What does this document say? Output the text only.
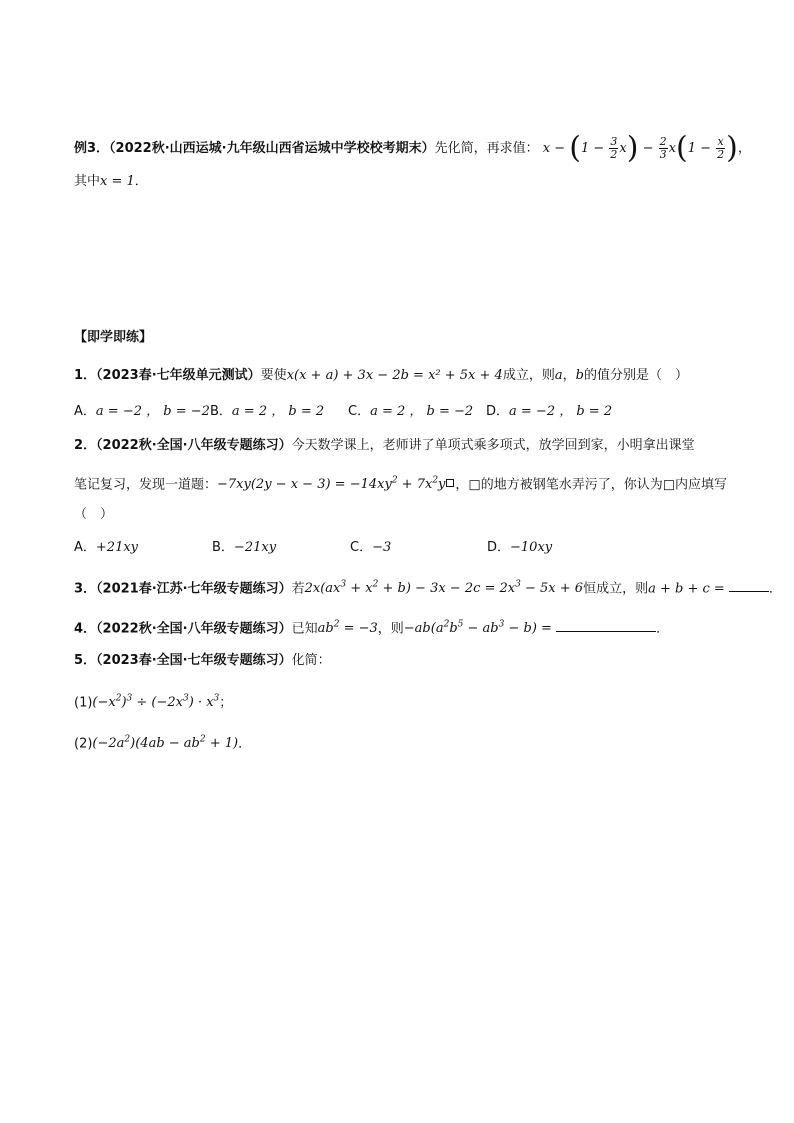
例3．（2022秋·山西运城·九年级山西省运城中学校校考期末）先化简，再求值： $x - (1 - \frac{3}{2} x) - \frac{2}{3} x(1 - \frac{x}{2}$ )，
其中x = 1．
【即学即练】
1．（2023春·七年级单元测试）要使x(x + a) + 3x − 2b = x² + 5x + 4成立，则a，b的值分别是（　）
A．a = −2 ， b = −2B．a = 2 ， b = 2 C．a = 2 ， b = −2 D．a = −2 ， b = 2
2．（2022秋·全国·八年级专题练习）今天数学课上，老师讲了单项式乘多项式，放学回到家，小明拿出课堂
笔记复习，发现一道题：$-7xy(2y - x - 3) = -14xy^2 + 7x^2y$ ，□的地方被钢笔水弄污了，你认为□内应填写
（　）
A．+21xy	B．−21xy	C．−3	D．−10xy
3．（2021春·江苏·七年级专题练习）若$2x(ax^3 + x^2 + b) - 3x - 2c = 2x^3 - 5x + 6$恒成立，则a + b + c =	．
4．（2022秋·全国·八年级专题练习）已知$ab^2 = -3$，则$-ab(a^2b^5 - ab^3 - b)$ =	．
5．（2023春·全国·七年级专题练习）化简：
$(1)(-x^2)^3 \div (-2x^3) \cdot x^3$；
$(2)(-2a^2)(4ab - ab^2 + 1)$．
